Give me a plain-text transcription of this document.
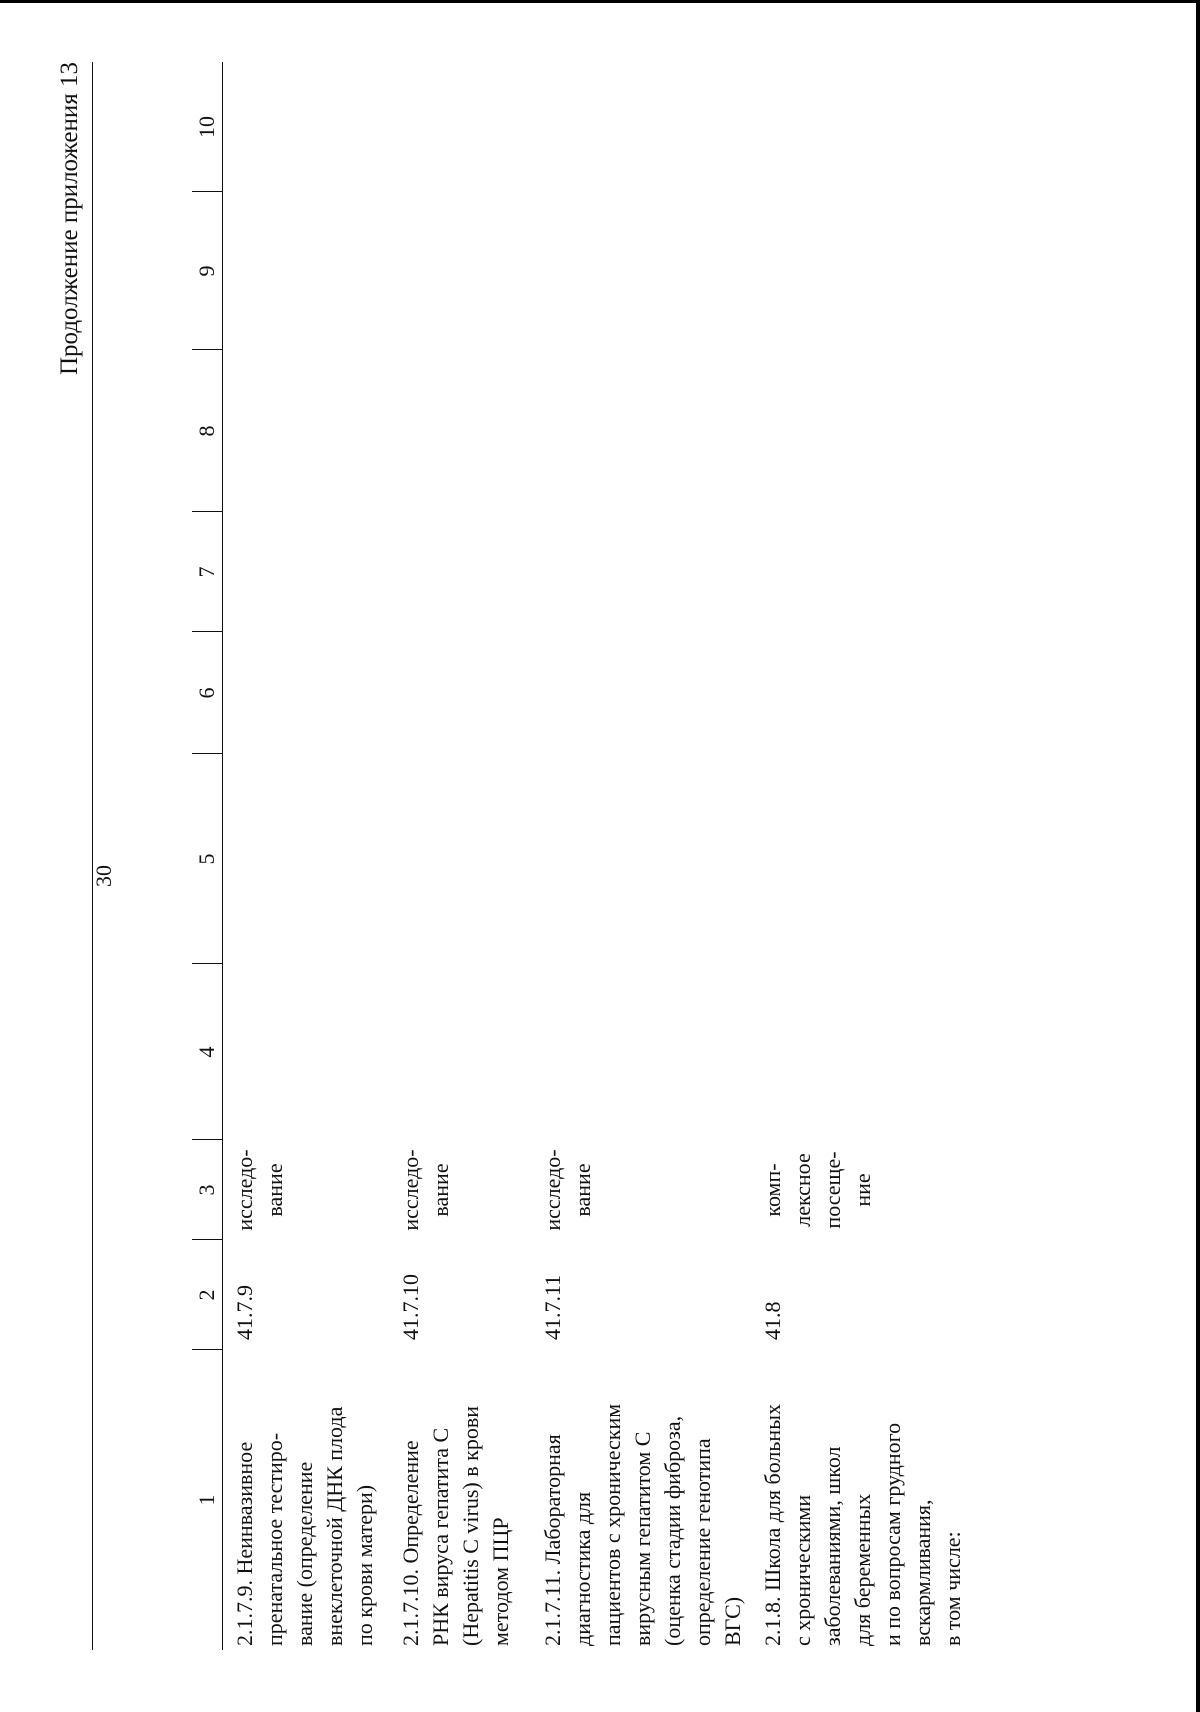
30
Продолжение приложения 13
1
2
3
4
5
6
7
8
9
10
2.1.7.9. Неинвазивное
пренатальное тестиро-
вание (определение
внеклеточной ДНК плода
по крови матери)
41.7.9
исследо-
вание
2.1.7.10. Определение
РНК вируса гепатита С
(Hepatitis C virus) в крови
методом ПЦР
41.7.10
исследо-
вание
2.1.7.11. Лабораторная
диагностика для
пациентов с хроническим
вирусным гепатитом С
(оценка стадии фиброза,
определение генотипа
ВГС)
41.7.11
исследо-
вание
2.1.8. Школа для больных
с хроническими
заболеваниями, школ
для беременных
и по вопросам грудного
вскармливания,
в том числе:
41.8
комп-
лексное
посеще-
ние
